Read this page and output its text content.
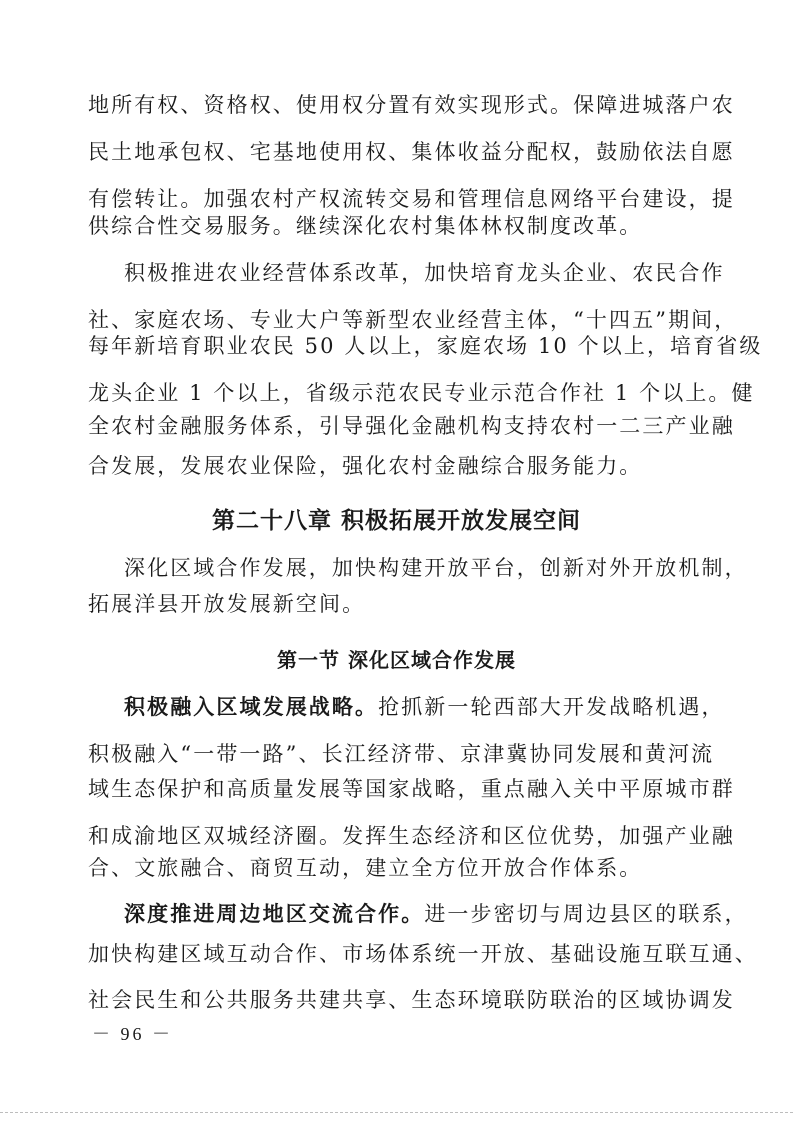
地所有权、资格权、使用权分置有效实现形式。保障进城落户农
民土地承包权、宅基地使用权、集体收益分配权，鼓励依法自愿
有偿转让。加强农村产权流转交易和管理信息网络平台建设，提
供综合性交易服务。继续深化农村集体林权制度改革。
积极推进农业经营体系改革，加快培育龙头企业、农民合作
社、家庭农场、专业大户等新型农业经营主体，“十四五”期间，
每年新培育职业农民 50 人以上，家庭农场 10 个以上，培育省级
龙头企业 1 个以上，省级示范农民专业示范合作社 1 个以上。健
全农村金融服务体系，引导强化金融机构支持农村一二三产业融
合发展，发展农业保险，强化农村金融综合服务能力。
第二十八章 积极拓展开放发展空间
深化区域合作发展，加快构建开放平台，创新对外开放机制，
拓展洋县开放发展新空间。
第一节 深化区域合作发展
积极融入区域发展战略。抢抓新一轮西部大开发战略机遇，
积极融入“一带一路”、长江经济带、京津冀协同发展和黄河流
域生态保护和高质量发展等国家战略，重点融入关中平原城市群
和成渝地区双城经济圈。发挥生态经济和区位优势，加强产业融
合、文旅融合、商贸互动，建立全方位开放合作体系。
深度推进周边地区交流合作。进一步密切与周边县区的联系，
加快构建区域互动合作、市场体系统一开放、基础设施互联互通、
社会民生和公共服务共建共享、生态环境联防联治的区域协调发
－ 96 －
